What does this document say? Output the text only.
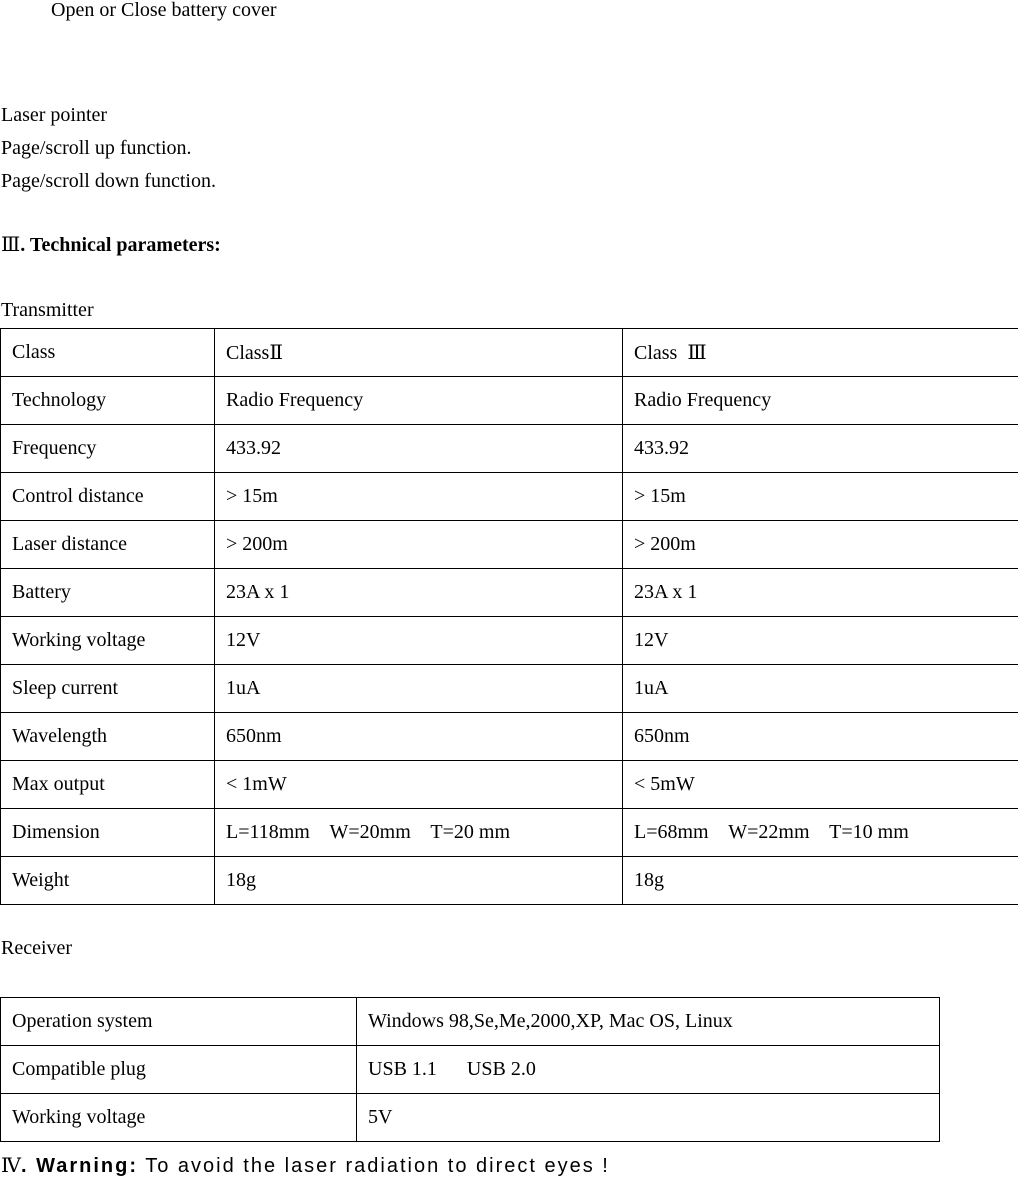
Open or Close battery cover
Laser pointer
Page/scroll up function.
Page/scroll down function.
Ⅲ. Technical parameters:
Transmitter
Class	ClassⅡ	Class  Ⅲ
Technology	Radio Frequency	Radio Frequency
Frequency	433.92	433.92
Control distance	> 15m	> 15m
Laser distance	> 200m	> 200m
Battery	23A x 1	23A x 1
Working voltage	12V	12V
Sleep current	1uA	1uA
Wavelength	650nm	650nm
Max output	< 1mW	< 5mW
Dimension	L=118mm    W=20mm    T=20 mm	L=68mm    W=22mm    T=10 mm
Weight	18g	18g
Receiver
Operation system	Windows 98,Se,Me,2000,XP, Mac OS, Linux
Compatible plug	USB 1.1      USB 2.0
Working voltage	5V
Ⅳ. Warning: To avoid the laser radiation to direct eyes !
